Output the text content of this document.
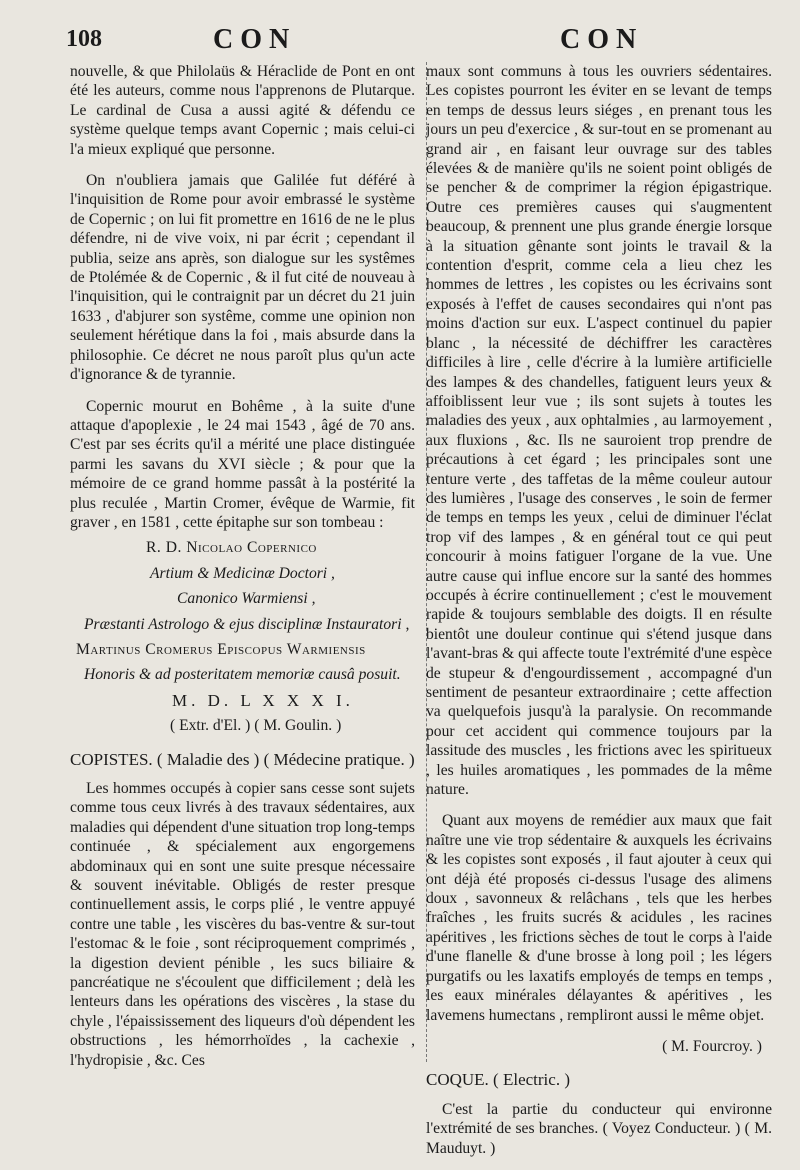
108	CON	CON

nouvelle, & que Philolaüs & Héraclide de Pont en ont été les auteurs, comme nous l'apprenons de Plutarque. Le cardinal de Cusa a aussi agité & défendu ce système quelque temps avant Copernic ; mais celui-ci l'a mieux expliqué que personne.

On n'oubliera jamais que Galilée fut déféré à l'inquisition de Rome pour avoir embrassé le système de Copernic ; on lui fit promettre en 1616 de ne le plus défendre, ni de vive voix, ni par écrit ; cependant il publia, seize ans après, son dialogue sur les systêmes de Ptolémée & de Copernic , & il fut cité de nouveau à l'inquisition, qui le contraignit par un décret du 21 juin 1633 , d'abjurer son systême, comme une opinion non seulement hérétique dans la foi , mais absurde dans la philosophie. Ce décret ne nous paroît plus qu'un acte d'ignorance & de tyrannie.

Copernic mourut en Bohême , à la suite d'une attaque d'apoplexie , le 24 mai 1543 , âgé de 70 ans. C'est par ses écrits qu'il a mérité une place distinguée parmi les savans du XVI siècle ; & pour que la mémoire de ce grand homme passât à la postérité la plus reculée , Martin Cromer, évêque de Warmie, fit graver , en 1581 , cette épitaphe sur son tombeau :

R. D. Nicolao Copernico
Artium & Medicinæ Doctori ,
Canonico Warmiensi ,
Præstanti Astrologo & ejus disciplinæ Instauratori ,
Martinus Cromerus Episcopus Warmiensis
Honoris & ad posteritatem memoriæ causâ posuit.
M. D. L X X X I.
( Extr. d'El. ) ( M. Goulin. )
COPISTES. ( Maladie des ) ( Médecine pratique. )

Les hommes occupés à copier sans cesse sont sujets comme tous ceux livrés à des travaux sédentaires, aux maladies qui dépendent d'une situation trop long-temps continuée , & spécialement aux engorgemens abdominaux qui en sont une suite presque nécessaire & souvent inévitable. Obligés de rester presque continuellement assis, le corps plié , le ventre appuyé contre une table , les viscères du bas-ventre & sur-tout l'estomac & le foie , sont réciproquement comprimés , la digestion devient pénible , les sucs biliaire & pancréatique ne s'écoulent que difficilement ; delà les lenteurs dans les opérations des viscères , la stase du chyle , l'épaississement des liqueurs d'où dépendent les obstructions , les hémorrhoïdes , la cachexie , l'hydropisie , &c. Ces

maux sont communs à tous les ouvriers sédentaires. Les copistes pourront les éviter en se levant de temps en temps de dessus leurs siéges , en prenant tous les jours un peu d'exercice , & sur-tout en se promenant au grand air , en faisant leur ouvrage sur des tables élevées & de manière qu'ils ne soient point obligés de se pencher & de comprimer la région épigastrique. Outre ces premières causes qui s'augmentent beaucoup, & prennent une plus grande énergie lorsque à la situation gênante sont joints le travail & la contention d'esprit, comme cela a lieu chez les hommes de lettres , les copistes ou les écrivains sont exposés à l'effet de causes secondaires qui n'ont pas moins d'action sur eux. L'aspect continuel du papier blanc , la nécessité de déchiffrer les caractères difficiles à lire , celle d'écrire à la lumière artificielle des lampes & des chandelles, fatiguent leurs yeux & affoiblissent leur vue ; ils sont sujets à toutes les maladies des yeux , aux ophtalmies , au larmoyement , aux fluxions , &c. Ils ne sauroient trop prendre de précautions à cet égard ; les principales sont une tenture verte , des taffetas de la même couleur autour des lumières , l'usage des conserves , le soin de fermer de temps en temps les yeux , celui de diminuer l'éclat trop vif des lampes , & en général tout ce qui peut concourir à moins fatiguer l'organe de la vue. Une autre cause qui influe encore sur la santé des hommes occupés à écrire continuellement ; c'est le mouvement rapide & toujours semblable des doigts. Il en résulte bientôt une douleur continue qui s'étend jusque dans l'avant-bras & qui affecte toute l'extrémité d'une espèce de stupeur & d'engourdissement , accompagné d'un sentiment de pesanteur extraordinaire ; cette affection va quelquefois jusqu'à la paralysie. On recommande pour cet accident qui commence toujours par la lassitude des muscles , les frictions avec les spiritueux , les huiles aromatiques , les pommades de la même nature.

Quant aux moyens de remédier aux maux que fait naître une vie trop sédentaire & auxquels les écrivains & les copistes sont exposés , il faut ajouter à ceux qui ont déjà été proposés ci-dessus l'usage des alimens doux , savonneux & relâchans , tels que les herbes fraîches , les fruits sucrés & acidules , les racines apéritives , les frictions sèches de tout le corps à l'aide d'une flanelle & d'une brosse à long poil ; les légers purgatifs ou les laxatifs employés de temps en temps , les eaux minérales délayantes & apéritives , les lavemens humectans , rempliront aussi le même objet.

( M. Fourcroy. )
COQUE. ( Electric. )

C'est la partie du conducteur qui environne l'extrémité de ses branches. ( Voyez Conducteur. ) ( M. Mauduyt. )
